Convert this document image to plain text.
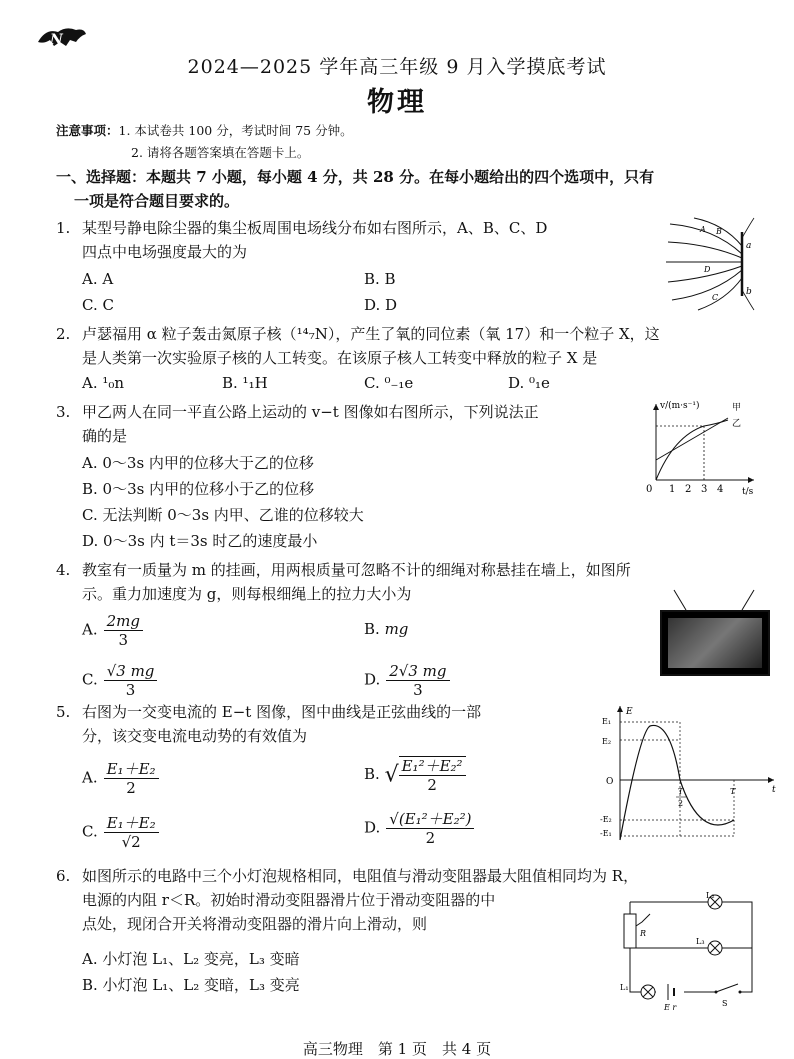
N
2024—2025 学年高三年级 9 月入学摸底考试
物理
注意事项：1. 本试卷共 100 分，考试时间 75 分钟。
2. 请将各题答案填在答题卡上。
一、选择题：本题共 7 小题，每小题 4 分，共 28 分。在每小题给出的四个选项中，只有
一项是符合题目要求的。
1. 某型号静电除尘器的集尘板周围电场线分布如右图所示，A、B、C、D
四点中电场强度最大的为
A. A	B. B
C. C	D. D
a
b
A B
C
D
2. 卢瑟福用 α 粒子轰击氮原子核（¹⁴₇N），产生了氧的同位素（氧 17）和一个粒子 X，这
是人类第一次实验原子核的人工转变。在该原子核人工转变中释放的粒子 X 是
A. ¹₀n	B. ¹₁H	C. ⁰₋₁e	D. ⁰₁e
3. 甲乙两人在同一平直公路上运动的 v−t 图像如右图所示，下列说法正
确的是
A. 0～3s 内甲的位移大于乙的位移
B. 0～3s 内甲的位移小于乙的位移
C. 无法判断 0～3s 内甲、乙谁的位移较大
D. 0～3s 内 t＝3s 时乙的速度最小
v/(m·s⁻¹)
t/s
0 1 2 3 4
甲
乙
4. 教室有一质量为 m 的挂画，用两根质量可忽略不计的细绳对称悬挂在墙上，如图所
示。重力加速度为 g，则每根细绳上的拉力大小为
A. $\frac{2mg}{3}$	B. mg
C. $\frac{√3 mg}{3}$	D. $\frac{2√3 mg}{3}$
5. 右图为一交变电流的 E−t 图像，图中曲线是正弦曲线的一部
分，该交变电流电动势的有效值为
A. $\frac{\text{E₁＋E₂}}{2}$	B. √ $\frac{\text{E₁²＋E₂²}}{2}$
C. $\frac{\text{E₁＋E₂}}{√2}$	D. $\frac{\text{√(E₁²＋E₂²)}}{2}$
E
t
E₁
E₂
O
-E₂
-E₁
T
2
T
6. 如图所示的电路中三个小灯泡规格相同，电阻值与滑动变阻器最大阻值相同均为 R，
电源的内阻 r＜R。初始时滑动变阻器滑片位于滑动变阻器的中
点处，现闭合开关将滑动变阻器的滑片向上滑动，则
A. 小灯泡 L₁、L₂ 变亮，L₃ 变暗
B. 小灯泡 L₁、L₂ 变暗，L₃ 变亮
L₂
R
L₃
L₁
E r	S
高三物理　第 1 页　共 4 页
